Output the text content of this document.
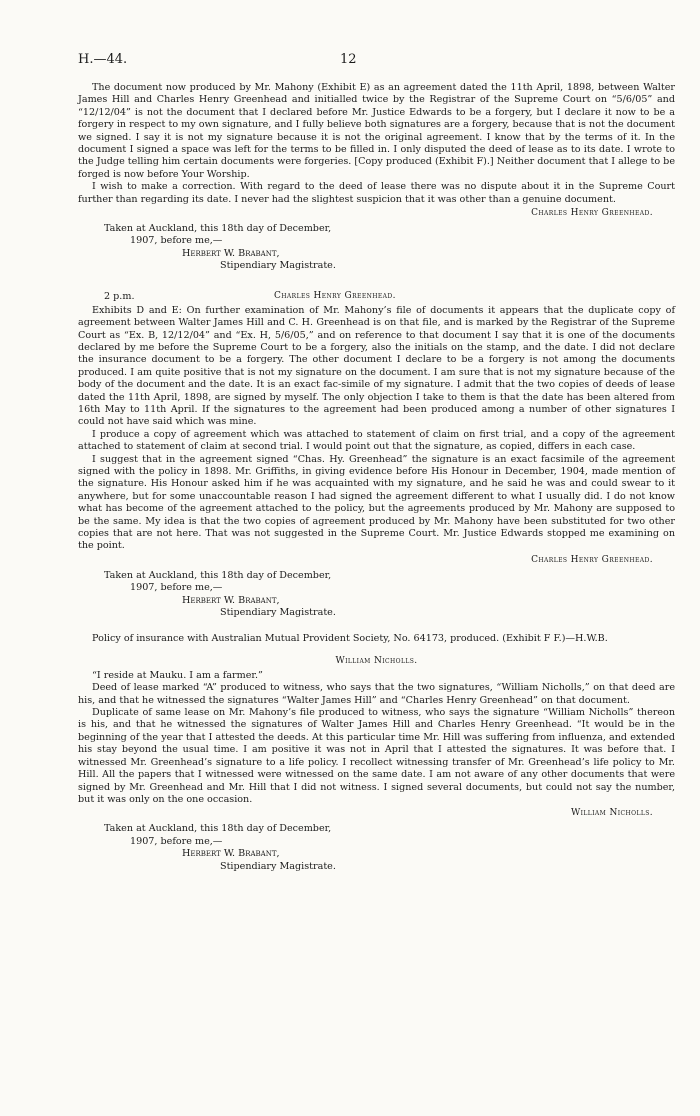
H.—44.	12

The document now produced by Mr. Mahony (Exhibit E) as an agreement dated the 11th April, 1898, between Walter James Hill and Charles Henry Greenhead and initialled twice by the Registrar of the Supreme Court on “5/6/05” and “12/12/04” is not the document that I declared before Mr. Justice Edwards to be a forgery, but I declare it now to be a forgery in respect to my own signature, and I fully believe both signatures are a forgery, because that is not the document we signed. I say it is not my signature because it is not the original agreement. I know that by the terms of it. In the document I signed a space was left for the terms to be filled in. I only disputed the deed of lease as to its date. I wrote to the Judge telling him certain documents were forgeries. [Copy produced (Exhibit F).] Neither document that I allege to be forged is now before Your Worship.

I wish to make a correction. With regard to the deed of lease there was no dispute about it in the Supreme Court further than regarding its date. I never had the slightest suspicion that it was other than a genuine document.

Charles Henry Greenhead.
Taken at Auckland, this 18th day of December,
1907, before me,—
Herbert W. Brabant,
Stipendiary Magistrate.
2 p.m.	Charles Henry Greenhead.

Exhibits D and E: On further examination of Mr. Mahony’s file of documents it appears that the duplicate copy of agreement between Walter James Hill and C. H. Greenhead is on that file, and is marked by the Registrar of the Supreme Court as “Ex. B, 12/12/04” and “Ex. H, 5/6/05,” and on reference to that document I say that it is one of the documents declared by me before the Supreme Court to be a forgery, also the initials on the stamp, and the date. I did not declare the insurance document to be a forgery. The other document I declare to be a forgery is not among the documents produced. I am quite positive that is not my signature on the document. I am sure that is not my signature because of the body of the document and the date. It is an exact fac-simile of my signature. I admit that the two copies of deeds of lease dated the 11th April, 1898, are signed by myself. The only objection I take to them is that the date has been altered from 16th May to 11th April. If the signatures to the agreement had been produced among a number of other signatures I could not have said which was mine.

I produce a copy of agreement which was attached to statement of claim on first trial, and a copy of the agreement attached to statement of claim at second trial. I would point out that the signature, as copied, differs in each case.

I suggest that in the agreement signed “Chas. Hy. Greenhead” the signature is an exact facsimile of the agreement signed with the policy in 1898. Mr. Griffiths, in giving evidence before His Honour in December, 1904, made mention of the signature. His Honour asked him if he was acquainted with my signature, and he said he was and could swear to it anywhere, but for some unaccountable reason I had signed the agreement different to what I usually did. I do not know what has become of the agreement attached to the policy, but the agreements produced by Mr. Mahony are supposed to be the same. My idea is that the two copies of agreement produced by Mr. Mahony have been substituted for two other copies that are not here. That was not suggested in the Supreme Court. Mr. Justice Edwards stopped me examining on the point.

Charles Henry Greenhead.
Taken at Auckland, this 18th day of December,
1907, before me,—
Herbert W. Brabant,
Stipendiary Magistrate.

Policy of insurance with Australian Mutual Provident Society, No. 64173, produced. (Exhibit F F.)—H.W.B.

William Nicholls.

“I reside at Mauku. I am a farmer.”

Deed of lease marked “A” produced to witness, who says that the two signatures, “William Nicholls,” on that deed are his, and that he witnessed the signatures “Walter James Hill” and “Charles Henry Greenhead” on that document.

Duplicate of same lease on Mr. Mahony’s file produced to witness, who says the signature “William Nicholls” thereon is his, and that he witnessed the signatures of Walter James Hill and Charles Henry Greenhead. “It would be in the beginning of the year that I attested the deeds. At this particular time Mr. Hill was suffering from influenza, and extended his stay beyond the usual time. I am positive it was not in April that I attested the signatures. It was before that. I witnessed Mr. Greenhead’s signature to a life policy. I recollect witnessing transfer of Mr. Greenhead’s life policy to Mr. Hill. All the papers that I witnessed were witnessed on the same date. I am not aware of any other documents that were signed by Mr. Greenhead and Mr. Hill that I did not witness. I signed several documents, but could not say the number, but it was only on the one occasion.

William Nicholls.
Taken at Auckland, this 18th day of December,
1907, before me,—
Herbert W. Brabant,
Stipendiary Magistrate.
